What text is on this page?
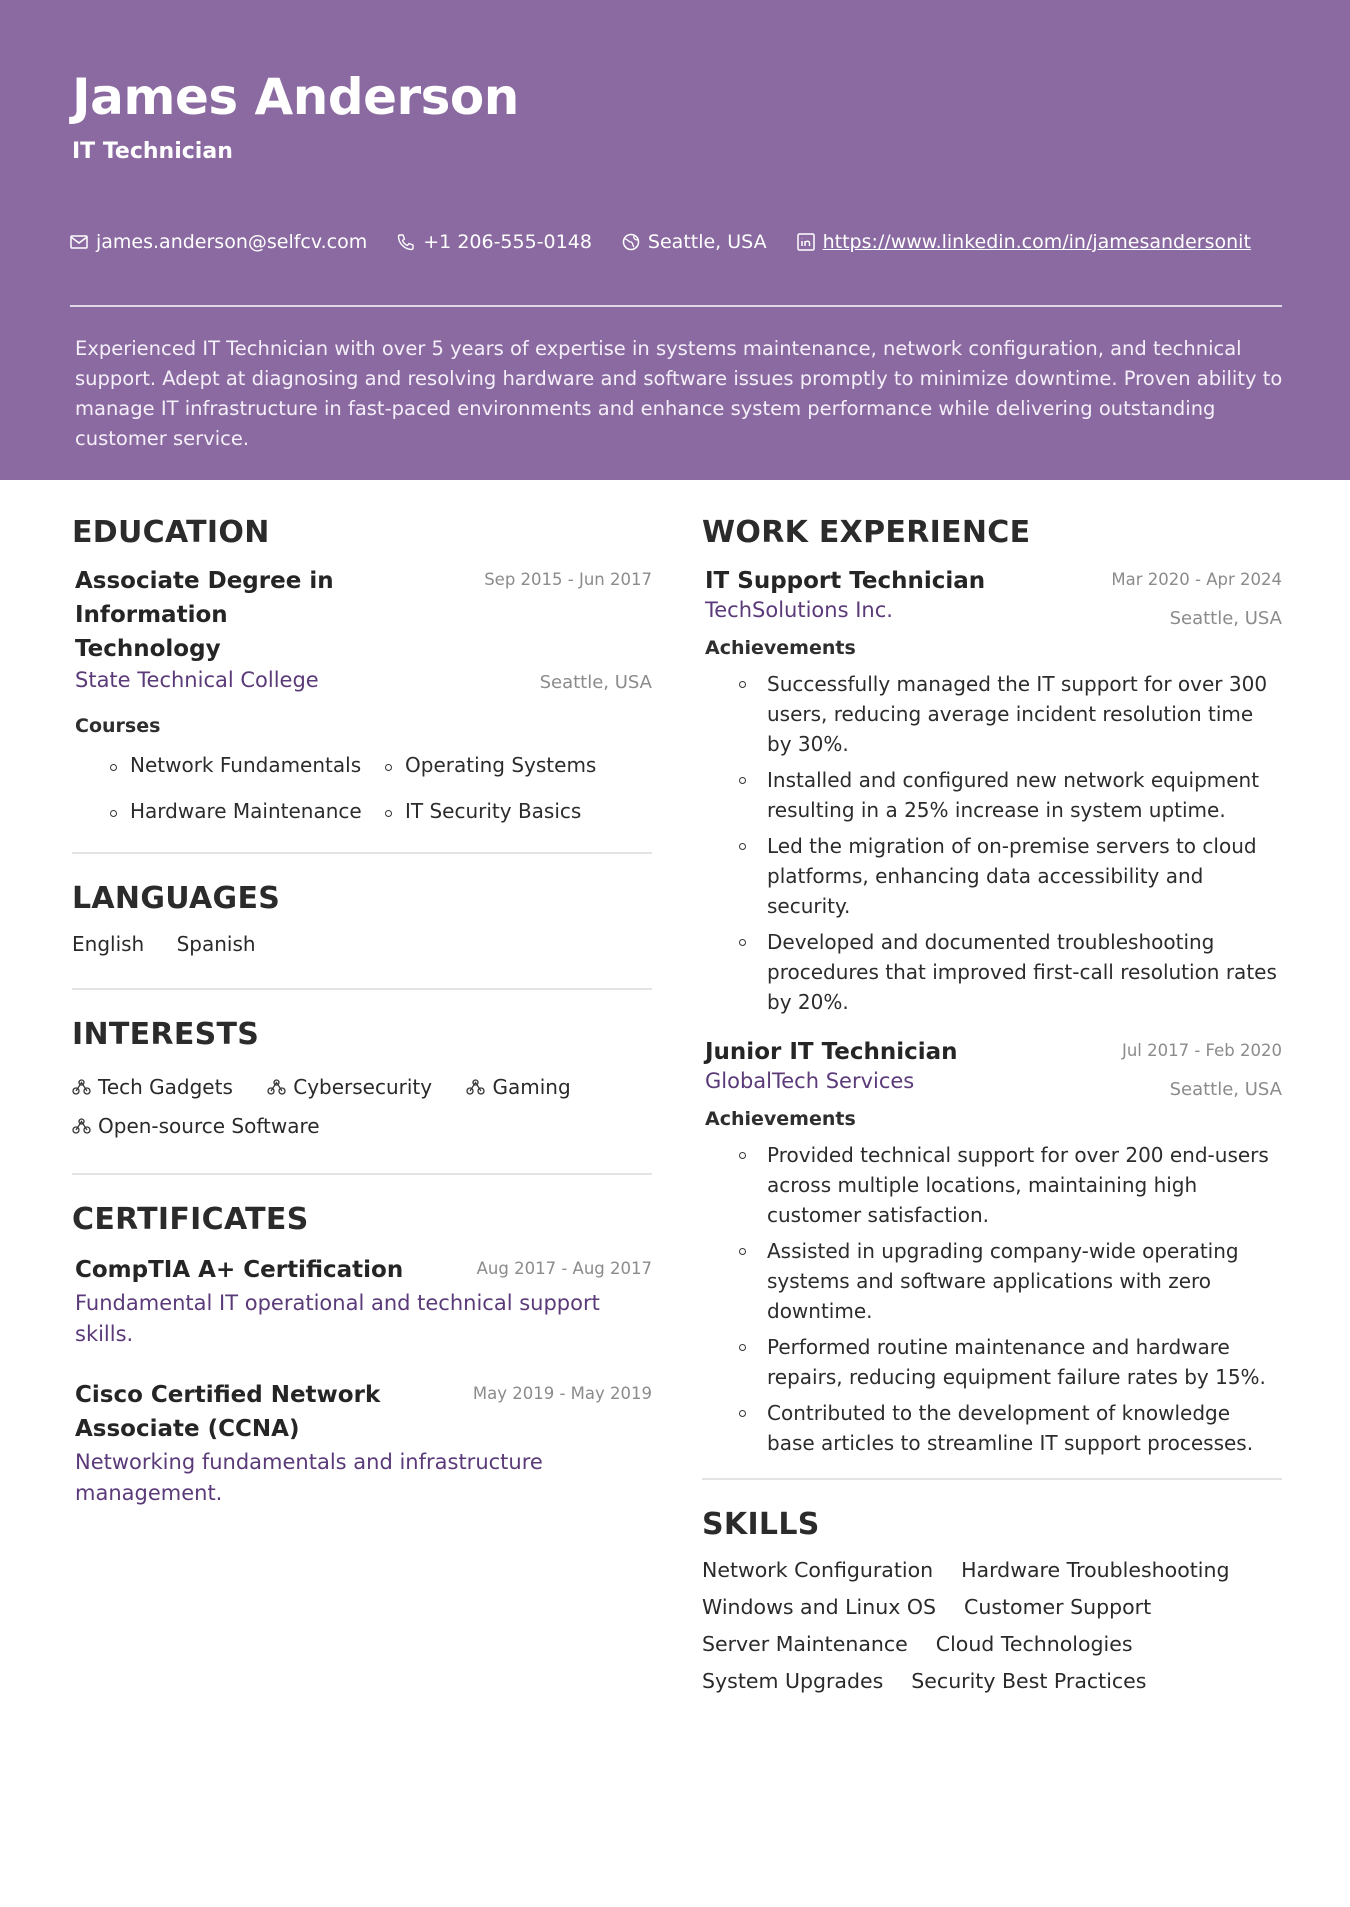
James Anderson
IT Technician
james.anderson@selfcv.com	+1 206-555-0148	Seattle, USA	https://www.linkedin.com/in/jamesandersonit
Experienced IT Technician with over 5 years of expertise in systems maintenance, network configuration, and technical support. Adept at diagnosing and resolving hardware and software issues promptly to minimize downtime. Proven ability to manage IT infrastructure in fast-paced environments and enhance system performance while delivering outstanding customer service.
EDUCATION
Associate Degree in Information
Technology
Sep 2015 - Jun 2017
State Technical College	Seattle, USA
Courses
Network Fundamentals	Operating Systems
Hardware Maintenance	IT Security Basics
LANGUAGES
English Spanish
INTERESTS
Tech Gadgets
	Cybersecurity
	Gaming

Open-source Software
CERTIFICATES
CompTIA A+ Certification	Aug 2017 - Aug 2017
Fundamental IT operational and technical support skills.
Cisco Certified Network
Associate (CCNA)
May 2019 - May 2019
Networking fundamentals and infrastructure management.
WORK EXPERIENCE
IT Support Technician	Mar 2020 - Apr 2024
TechSolutions Inc.	Seattle, USA
Achievements
Successfully managed the IT support for over 300 users, reducing average incident resolution time by 30%.
Installed and configured new network equipment resulting in a 25% increase in system uptime.
Led the migration of on-premise servers to cloud platforms, enhancing data accessibility and security.
Developed and documented troubleshooting procedures that improved first-call resolution rates by 20%.
Junior IT Technician	Jul 2017 - Feb 2020
GlobalTech Services	Seattle, USA
Achievements
Provided technical support for over 200 end-users across multiple locations, maintaining high customer satisfaction.
Assisted in upgrading company-wide operating systems and software applications with zero downtime.
Performed routine maintenance and hardware repairs, reducing equipment failure rates by 15%.
Contributed to the development of knowledge base articles to streamline IT support processes.
SKILLS
Network Configuration Hardware Troubleshooting
Windows and Linux OS Customer Support
Server Maintenance Cloud Technologies
System Upgrades Security Best Practices
